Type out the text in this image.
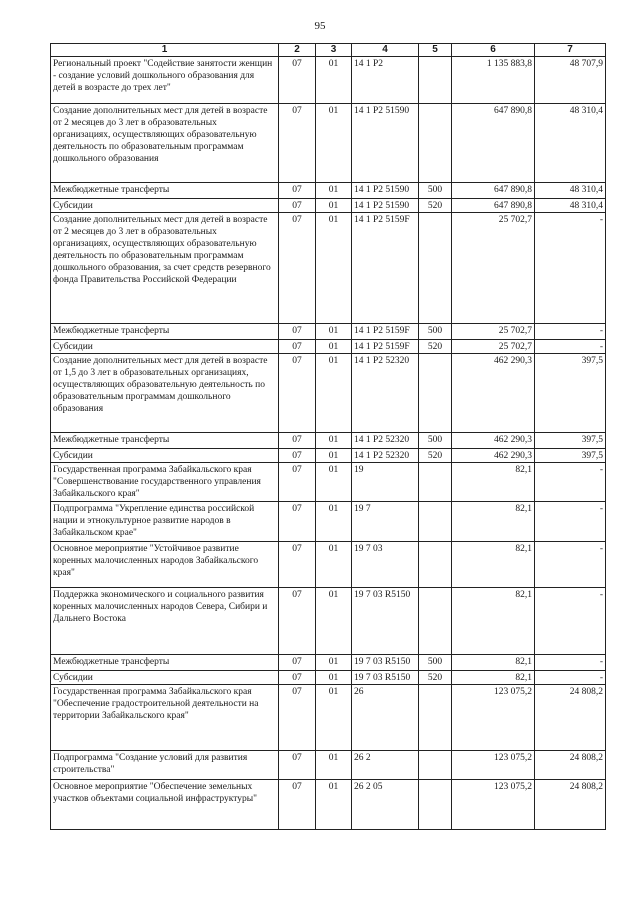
95
1	2	3	4	5	6	7
Региональный проект "Содействие занятости женщин - создание условий дошкольного образования для детей в возрасте до трех лет"	07	01	14 1 P2		1 135 883,8	48 707,9
Создание дополнительных мест для детей в возрасте от 2 месяцев до 3 лет в образовательных организациях, осуществляющих образовательную деятельность по образовательным программам дошкольного образования	07	01	14 1 P2 51590		647 890,8	48 310,4
Межбюджетные трансферты	07	01	14 1 P2 51590	500	647 890,8	48 310,4
Субсидии	07	01	14 1 P2 51590	520	647 890,8	48 310,4
Создание дополнительных мест для детей в возрасте от 2 месяцев до 3 лет в образовательных организациях, осуществляющих образовательную деятельность по образовательным программам дошкольного образования, за счет средств резервного фонда Правительства Российской Федерации	07	01	14 1 P2 5159F		25 702,7	-
Межбюджетные трансферты	07	01	14 1 P2 5159F	500	25 702,7	-
Субсидии	07	01	14 1 P2 5159F	520	25 702,7	-
Создание дополнительных мест для детей в возрасте от 1,5 до 3 лет в образовательных организациях, осуществляющих образовательную деятельность по образовательным программам дошкольного образования	07	01	14 1 P2 52320		462 290,3	397,5
Межбюджетные трансферты	07	01	14 1 P2 52320	500	462 290,3	397,5
Субсидии	07	01	14 1 P2 52320	520	462 290,3	397,5
Государственная программа Забайкальского края "Совершенствование государственного управления Забайкальского края"	07	01	19		82,1	-
Подпрограмма "Укрепление единства российской нации и этнокультурное развитие народов в Забайкальском крае"	07	01	19 7		82,1	-
Основное мероприятие "Устойчивое развитие коренных малочисленных народов Забайкальского края"	07	01	19 7 03		82,1	-
Поддержка экономического и социального развития коренных малочисленных народов Севера, Сибири и Дальнего Востока	07	01	19 7 03 R5150		82,1	-
Межбюджетные трансферты	07	01	19 7 03 R5150	500	82,1	-
Субсидии	07	01	19 7 03 R5150	520	82,1	-
Государственная программа Забайкальского края "Обеспечение градостроительной деятельности на территории Забайкальского края"	07	01	26		123 075,2	24 808,2
Подпрограмма "Создание условий для развития строительства"	07	01	26 2		123 075,2	24 808,2
Основное мероприятие "Обеспечение земельных участков объектами социальной инфраструктуры"	07	01	26 2 05		123 075,2	24 808,2
